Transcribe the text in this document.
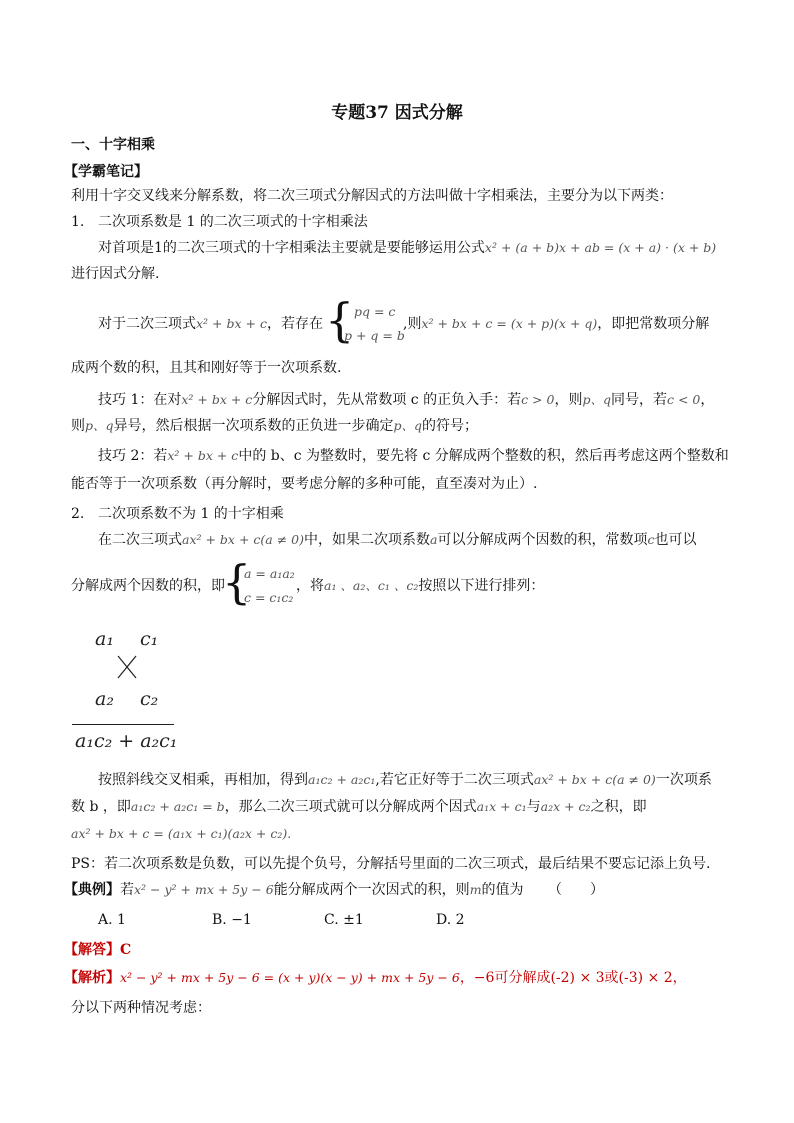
专题37 因式分解
一、十字相乘
【学霸笔记】
利用十字交叉线来分解系数，将二次三项式分解因式的方法叫做十字相乘法，主要分为以下两类：
1. 二次项系数是 1 的二次三项式的十字相乘法
对首项是1的二次三项式的十字相乘法主要就是要能够运用公式x² + (a + b)x + ab = (x + a) · (x + b)
进行因式分解.
对于二次三项式x² + bx + c，若存在 { pq = c
p + q = b
,则x² + bx + c = (x + p)(x + q)，即把常数项分解
成两个数的积，且其和刚好等于一次项系数.
技巧 1：在对x² + bx + c分解因式时，先从常数项 c 的正负入手：若c > 0，则p、q同号，若c < 0，
则p、q异号，然后根据一次项系数的正负进一步确定p、q的符号；
技巧 2：若x² + bx + c中的 b、c 为整数时，要先将 c 分解成两个整数的积，然后再考虑这两个整数和
能否等于一次项系数（再分解时，要考虑分解的多种可能，直至凑对为止）.
2. 二次项系数不为 1 的十字相乘
在二次三项式ax² + bx + c(a ≠ 0)中，如果二次项系数a可以分解成两个因数的积，常数项c也可以
分解成两个因数的积，即
{
a = a₁a₂
c = c₁c₂
，将a₁ 、a₂、c₁ 、c₂按照以下进行排列：
a₁ c₁
a₂ c₂
a₁c₂ + a₂c₁
按照斜线交叉相乘，再相加，得到a₁c₂ + a₂c₁,若它正好等于二次三项式ax² + bx + c(a ≠ 0)一次项系
数 b ，即a₁c₂ + a₂c₁ = b，那么二次三项式就可以分解成两个因式a₁x + c₁与a₂x + c₂之积，即
ax² + bx + c = (a₁x + c₁)(a₂x + c₂).
PS：若二次项系数是负数，可以先提个负号，分解括号里面的二次三项式，最后结果不要忘记添上负号.
【典例】若x² − y² + mx + 5y − 6能分解成两个一次因式的积，则m的值为 （　　）
A. 1	B. −1	C. ±1	D. 2
【解答】C
【解析】x² − y² + mx + 5y − 6 = (x + y)(x − y) + mx + 5y − 6，−6可分解成(-2) × 3或(-3) × 2，
分以下两种情况考虑：
